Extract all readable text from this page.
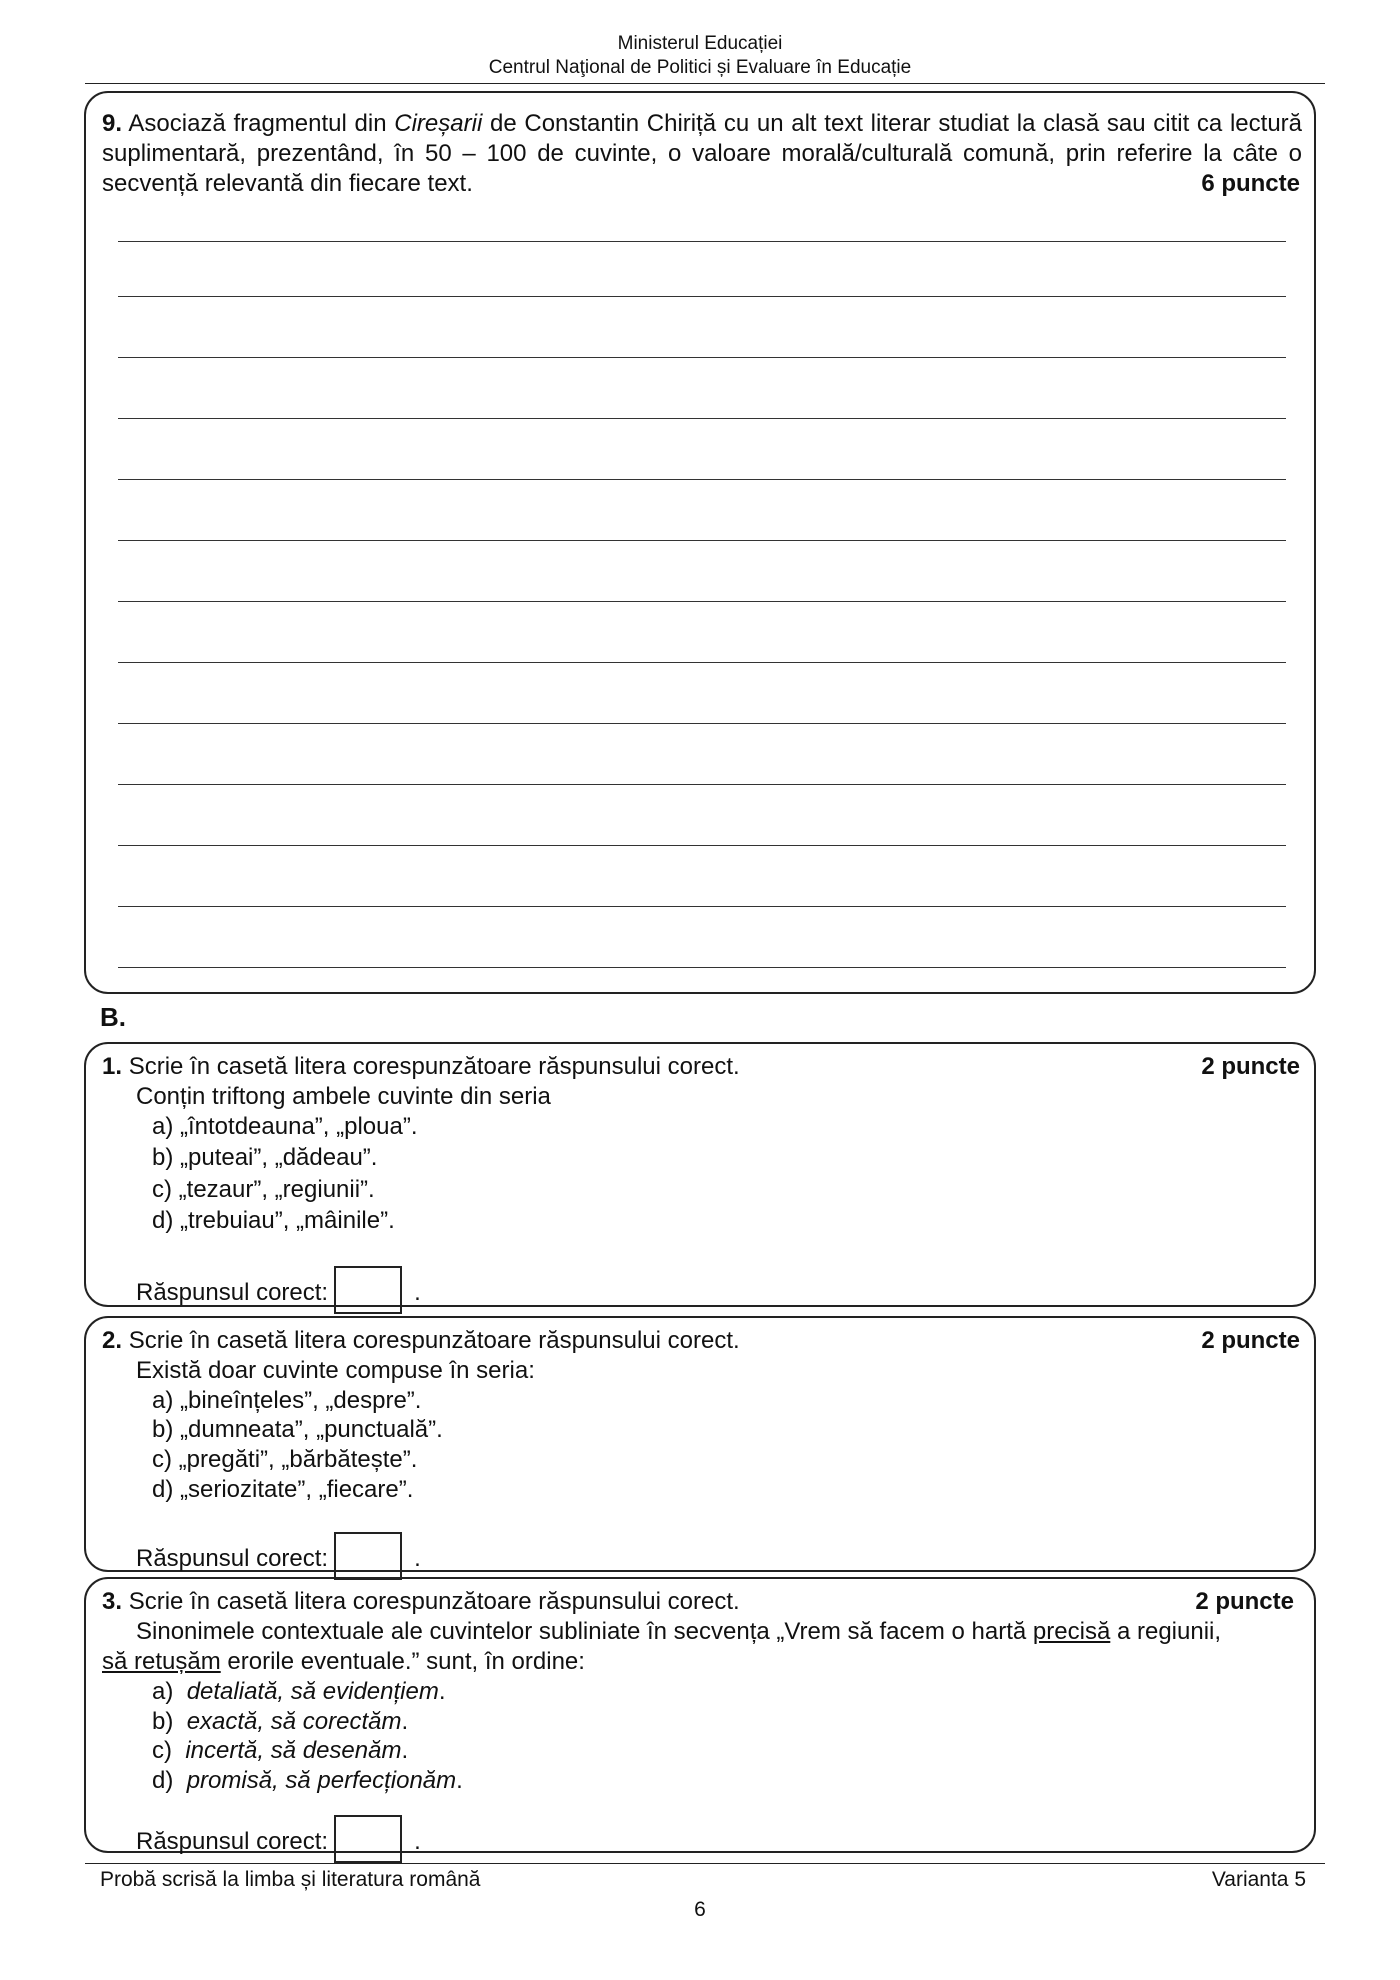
Ministerul Educației
Centrul Naţional de Politici și Evaluare în Educație
9. Asociază fragmentul din Cireșarii de Constantin Chiriță cu un alt text literar studiat la clasă sau citit ca lectură suplimentară, prezentând, în 50 – 100 de cuvinte, o valoare morală/culturală comună, prin referire la câte o secvență relevantă din fiecare text.	6 puncte
B.
1. Scrie în casetă litera corespunzătoare răspunsului corect.	2 puncte
Conțin triftong ambele cuvinte din seria
a) „întotdeauna”, „ploua”.
b) „puteai”, „dădeau”.
c) „tezaur”, „regiunii”.
d) „trebuiau”, „mâinile”.
Răspunsul corect:	.
2. Scrie în casetă litera corespunzătoare răspunsului corect.	2 puncte
Există doar cuvinte compuse în seria:
a) „bineînțeles”, „despre”.
b) „dumneata”, „punctuală”.
c) „pregăti”, „bărbătește”.
d) „seriozitate”, „fiecare”.
Răspunsul corect:	.
3. Scrie în casetă litera corespunzătoare răspunsului corect.	2 puncte
Sinonimele contextuale ale cuvintelor subliniate în secvența „Vrem să facem o hartă precisă a regiunii,
să retușăm erorile eventuale.” sunt, în ordine:
a) detaliată, să evidențiem.
b) exactă, să corectăm.
c) incertă, să desenăm.
d) promisă, să perfecționăm.
Răspunsul corect:	.
Probă scrisă la limba și literatura română	Varianta 5
6
